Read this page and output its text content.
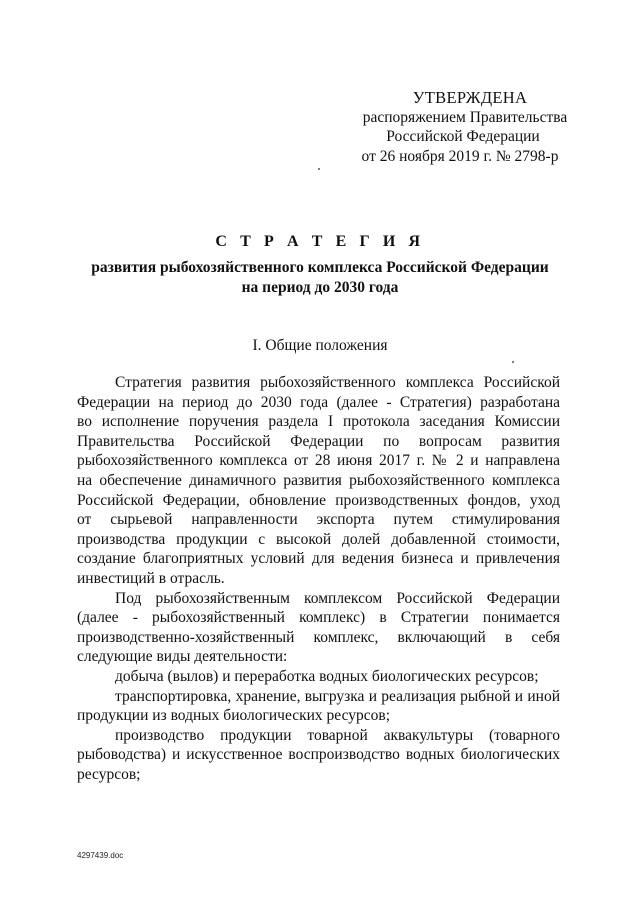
УТВЕРЖДЕНА
распоряжением Правительства
Российской Федерации
от 26 ноября 2019 г. № 2798-р
С Т Р А Т Е Г И Я
развития рыбохозяйственного комплекса Российской Федерации
на период до 2030 года
I. Общие положения

Стратегия развития рыбохозяйственного комплекса Российской
Федерации на период до 2030 года (далее - Стратегия) разработана
во исполнение поручения раздела I протокола заседания Комиссии
Правительства Российской Федерации по вопросам развития
рыбохозяйственного комплекса от 28 июня 2017 г. № 2 и направлена
на обеспечение динамичного развития рыбохозяйственного комплекса
Российской Федерации, обновление производственных фондов, уход
от сырьевой направленности экспорта путем стимулирования
производства продукции с высокой долей добавленной стоимости,
создание благоприятных условий для ведения бизнеса и привлечения
инвестиций в отрасль.

Под рыбохозяйственным комплексом Российской Федерации
(далее - рыбохозяйственный комплекс) в Стратегии понимается
производственно-хозяйственный комплекс, включающий в себя
следующие виды деятельности:

добыча (вылов) и переработка водных биологических ресурсов;

транспортировка, хранение, выгрузка и реализация рыбной и иной
продукции из водных биологических ресурсов;

производство продукции товарной аквакультуры (товарного
рыбоводства) и искусственное воспроизводство водных биологических
ресурсов;

4297439.doc
